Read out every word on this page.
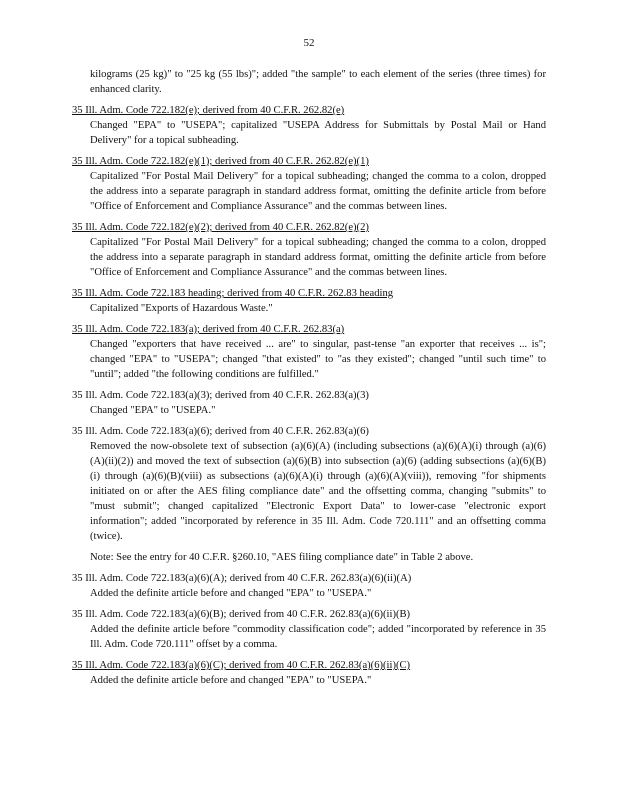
52
kilograms (25 kg)" to "25 kg (55 lbs)"; added "the sample" to each element of the series (three times) for enhanced clarity.
35 Ill. Adm. Code 722.182(e); derived from 40 C.F.R. 262.82(e)
Changed "EPA" to "USEPA"; capitalized "USEPA Address for Submittals by Postal Mail or Hand Delivery" for a topical subheading.
35 Ill. Adm. Code 722.182(e)(1); derived from 40 C.F.R. 262.82(e)(1)
Capitalized "For Postal Mail Delivery" for a topical subheading; changed the comma to a colon, dropped the address into a separate paragraph in standard address format, omitting the definite article from before "Office of Enforcement and Compliance Assurance" and the commas between lines.
35 Ill. Adm. Code 722.182(e)(2); derived from 40 C.F.R. 262.82(e)(2)
Capitalized "For Postal Mail Delivery" for a topical subheading; changed the comma to a colon, dropped the address into a separate paragraph in standard address format, omitting the definite article from before "Office of Enforcement and Compliance Assurance" and the commas between lines.
35 Ill. Adm. Code 722.183 heading; derived from 40 C.F.R. 262.83 heading
Capitalized "Exports of Hazardous Waste."
35 Ill. Adm. Code 722.183(a); derived from 40 C.F.R. 262.83(a)
Changed "exporters that have received ... are" to singular, past-tense "an exporter that receives ... is"; changed "EPA" to "USEPA"; changed "that existed" to "as they existed"; changed "until such time" to "until"; added "the following conditions are fulfilled."
35 Ill. Adm. Code 722.183(a)(3); derived from 40 C.F.R. 262.83(a)(3)
Changed "EPA" to "USEPA."
35 Ill. Adm. Code 722.183(a)(6); derived from 40 C.F.R. 262.83(a)(6)
Removed the now-obsolete text of subsection (a)(6)(A) (including subsections (a)(6)(A)(i) through (a)(6)(A)(ii)(2)) and moved the text of subsection (a)(6)(B) into subsection (a)(6) (adding subsections (a)(6)(B)(i) through (a)(6)(B)(viii) as subsections (a)(6)(A)(i) through (a)(6)(A)(viii)), removing "for shipments initiated on or after the AES filing compliance date" and the offsetting comma, changing "submits" to "must submit"; changed capitalized "Electronic Export Data" to lower-case "electronic export information"; added "incorporated by reference in 35 Ill. Adm. Code 720.111" and an offsetting comma (twice).
Note: See the entry for 40 C.F.R. §260.10, "AES filing compliance date" in Table 2 above.
35 Ill. Adm. Code 722.183(a)(6)(A); derived from 40 C.F.R. 262.83(a)(6)(ii)(A)
Added the definite article before and changed "EPA" to "USEPA."
35 Ill. Adm. Code 722.183(a)(6)(B); derived from 40 C.F.R. 262.83(a)(6)(ii)(B)
Added the definite article before "commodity classification code"; added "incorporated by reference in 35 Ill. Adm. Code 720.111" offset by a comma.
35 Ill. Adm. Code 722.183(a)(6)(C); derived from 40 C.F.R. 262.83(a)(6)(ii)(C)
Added the definite article before and changed "EPA" to "USEPA."
